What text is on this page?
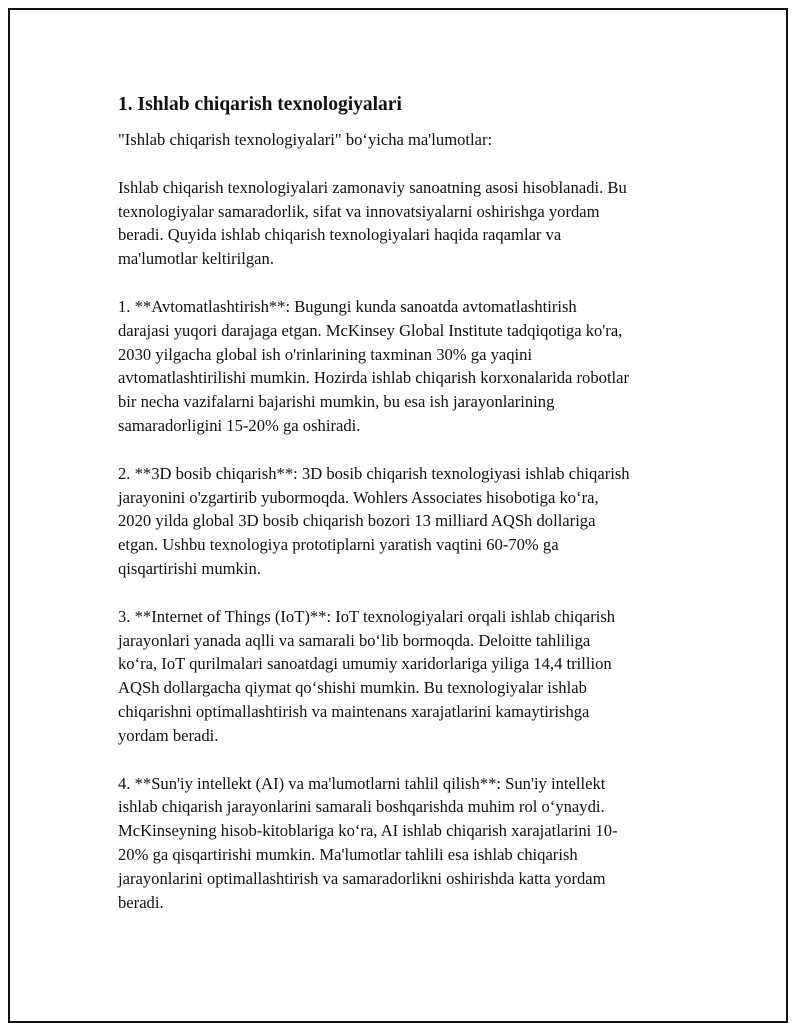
1. Ishlab chiqarish texnologiyalari
"Ishlab chiqarish texnologiyalari" bo‘yicha ma'lumotlar:
Ishlab chiqarish texnologiyalari zamonaviy sanoatning asosi hisoblanadi. Bu
texnologiyalar samaradorlik, sifat va innovatsiyalarni oshirishga yordam
beradi. Quyida ishlab chiqarish texnologiyalari haqida raqamlar va
ma'lumotlar keltirilgan.
1. **Avtomatlashtirish**: Bugungi kunda sanoatda avtomatlashtirish
darajasi yuqori darajaga etgan. McKinsey Global Institute tadqiqotiga ko'ra,
2030 yilgacha global ish o'rinlarining taxminan 30% ga yaqini
avtomatlashtirilishi mumkin. Hozirda ishlab chiqarish korxonalarida robotlar
bir necha vazifalarni bajarishi mumkin, bu esa ish jarayonlarining
samaradorligini 15-20% ga oshiradi.
2. **3D bosib chiqarish**: 3D bosib chiqarish texnologiyasi ishlab chiqarish
jarayonini o'zgartirib yubormoqda. Wohlers Associates hisobotiga ko‘ra,
2020 yilda global 3D bosib chiqarish bozori 13 milliard AQSh dollariga
etgan. Ushbu texnologiya prototiplarni yaratish vaqtini 60-70% ga
qisqartirishi mumkin.
3. **Internet of Things (IoT)**: IoT texnologiyalari orqali ishlab chiqarish
jarayonlari yanada aqlli va samarali bo‘lib bormoqda. Deloitte tahliliga
ko‘ra, IoT qurilmalari sanoatdagi umumiy xaridorlariga yiliga 14,4 trillion
AQSh dollargacha qiymat qo‘shishi mumkin. Bu texnologiyalar ishlab
chiqarishni optimallashtirish va maintenans xarajatlarini kamaytirishga
yordam beradi.
4. **Sun'iy intellekt (AI) va ma'lumotlarni tahlil qilish**: Sun'iy intellekt
ishlab chiqarish jarayonlarini samarali boshqarishda muhim rol o‘ynaydi.
McKinseyning hisob-kitoblariga ko‘ra, AI ishlab chiqarish xarajatlarini 10-
20% ga qisqartirishi mumkin. Ma'lumotlar tahlili esa ishlab chiqarish
jarayonlarini optimallashtirish va samaradorlikni oshirishda katta yordam
beradi.
